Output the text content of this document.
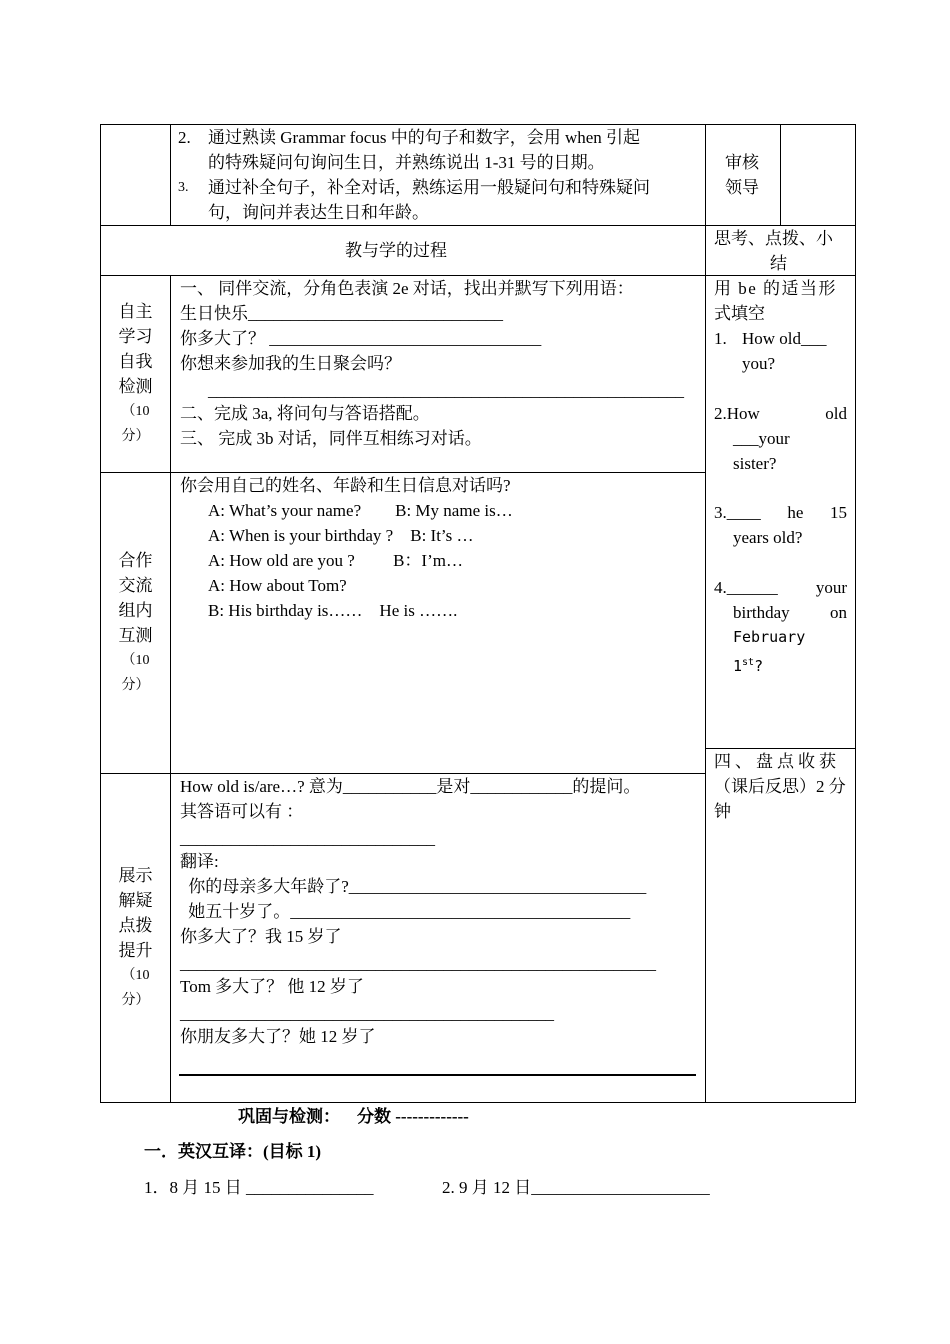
2. 通过熟读 Grammar focus 中的句子和数字，会用 when 引起
的特殊疑问句询问生日，并熟练说出 1-31 号的日期。
3. 通过补全句子，补全对话，熟练运用一般疑问句和特殊疑问
句，询问并表达生日和年龄。
审核
领导
教与学的过程
思考、点拨、小
结
自主
学习
自我
检测
（10
分）
一、 同伴交流，分角色表演 2e 对话，找出并默写下列用语：
生日快乐______________________________
你多大了？ ________________________________
你想来参加我的生日聚会吗？
________________________________________________________
二、完成 3a, 将问句与答语搭配。
三、 完成 3b 对话，同伴互相练习对话。
用 be 的适当形
式填空
1. How old___
you?
2.How	old
___your
sister?
3.____ he 15
years old?
4.______ your
birthday on
February
1st?
合作
交流
组内
互测
（10
分）
你会用自己的姓名、年龄和生日信息对话吗?
A: What’s your name?        B: My name is…
A: When is your birthday ?    B: It’s …
A: How old are you ?         B：I’m…
A: How about Tom?
B: His birthday is……    He is …….
四、盘点收获
（课后反思）2 分
钟
展示
解疑
点拨
提升
（10
分）
How old is/are…? 意为___________是对____________的提问。
其答语可以有 ：
______________________________
翻译:
你的母亲多大年龄了?___________________________________
她五十岁了。________________________________________
你多大了？我 15 岁了
________________________________________________________
Tom 多大了？ 他 12 岁了
____________________________________________
你朋友多大了？她 12 岁了
巩固与检测：    分数 -------------
一．英汉互译：(目标 1)
1．8 月 15 日 _______________	2. 9 月 12 日_____________________
